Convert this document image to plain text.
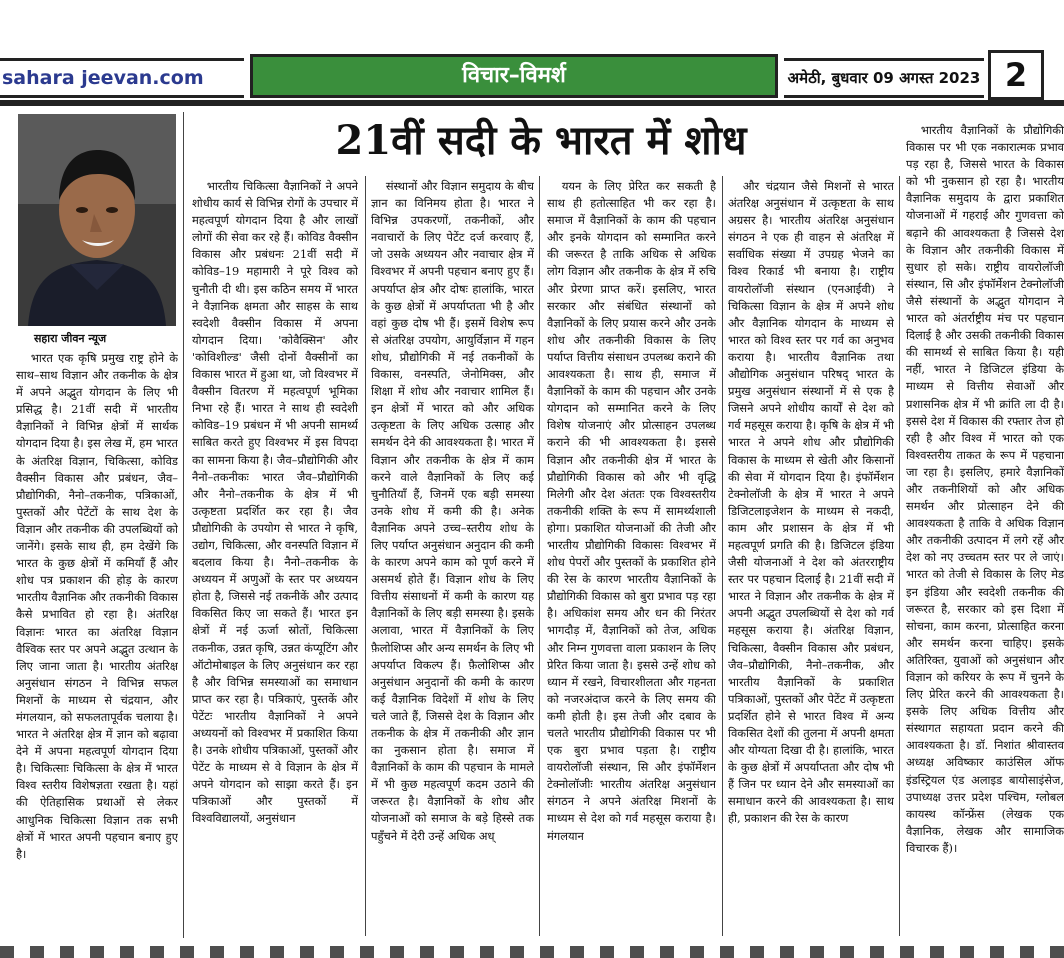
sahara jeevan.com	विचार–विमर्श	अमेठी, बुधवार 09 अगस्त 2023 2
सहारा जीवन न्यूज
21वीं सदी के भारत में शोध

भारत एक कृषि प्रमुख राष्ट्र होने के साथ–साथ विज्ञान और तकनीक के क्षेत्र में अपने अद्भुत योगदान के लिए भी प्रसिद्ध है। 21वीं सदी में भारतीय वैज्ञानिकों ने विभिन्न क्षेत्रों में सार्थक योगदान दिया है। इस लेख में, हम भारत के अंतरिक्ष विज्ञान, चिकित्सा, कोविड वैक्सीन विकास और प्रबंधन, जैव–प्रौद्योगिकी, नैनो–तकनीक, पत्रिकाओं, पुस्तकों और पेटेंटों के साथ देश के विज्ञान और तकनीक की उपलब्धियों को जानेंगे। इसके साथ ही, हम देखेंगे कि भारत के कुछ क्षेत्रों में कमियाँ हैं और शोध पत्र प्रकाशन की होड़ के कारण भारतीय वैज्ञानिक और तकनीकी विकास कैसे प्रभावित हो रहा है। अंतरिक्ष विज्ञानः भारत का अंतरिक्ष विज्ञान वैश्विक स्तर पर अपने अद्भुत उत्थान के लिए जाना जाता है। भारतीय अंतरिक्ष अनुसंधान संगठन ने विभिन्न सफल मिशनों के माध्यम से चंद्रयान, और मंगलयान, को सफलतापूर्वक चलाया है। भारत ने अंतरिक्ष क्षेत्र में ज्ञान को बढ़ावा देने में अपना महत्वपूर्ण योगदान दिया है। चिकित्साः चिकित्सा के क्षेत्र में भारत विश्व स्तरीय विशेषज्ञता रखता है। यहां की ऐतिहासिक प्रथाओं से लेकर आधुनिक चिकित्सा विज्ञान तक सभी क्षेत्रों में भारत अपनी पहचान बनाए हुए है।

भारतीय चिकित्सा वैज्ञानिकों ने अपने शोधीय कार्य से विभिन्न रोगों के उपचार में महत्वपूर्ण योगदान दिया है और लाखों लोगों की सेवा कर रहे हैं। कोविड वैक्सीन विकास और प्रबंधनः 21वीं सदी में कोविड–19 महामारी ने पूरे विश्व को चुनौती दी थी। इस कठिन समय में भारत ने वैज्ञानिक क्षमता और साहस के साथ स्वदेशी वैक्सीन विकास में अपना योगदान दिया। 'कोवैक्सिन' और 'कोविशील्ड' जैसी दोनों वैक्सीनों का विकास भारत में हुआ था, जो विश्वभर में वैक्सीन वितरण में महत्वपूर्ण भूमिका निभा रहे हैं। भारत ने साथ ही स्वदेशी कोविड–19 प्रबंधन में भी अपनी सामर्थ्य साबित करते हुए विश्वभर में इस विपदा का सामना किया है। जैव–प्रौद्योगिकी और नैनो–तकनीकः भारत जैव–प्रौद्योगिकी और नैनो–तकनीक के क्षेत्र में भी उत्कृष्टता प्रदर्शित कर रहा है। जैव प्रौद्योगिकी के उपयोग से भारत ने कृषि, उद्योग, चिकित्सा, और वनस्पति विज्ञान में बदलाव किया है। नैनो–तकनीक के अध्ययन में अणुओं के स्तर पर अध्ययन होता है, जिससे नई तकनीकें और उत्पाद विकसित किए जा सकते हैं। भारत इन क्षेत्रों में नई ऊर्जा स्रोतों, चिकित्सा तकनीक, उन्नत कृषि, उन्नत कंप्यूटिंग और ऑटोमोबाइल के लिए अनुसंधान कर रहा है और विभिन्न समस्याओं का समाधान प्राप्त कर रहा है। पत्रिकाएं, पुस्तकें और पेटेंटः भारतीय वैज्ञानिकों ने अपने अध्ययनों को विश्वभर में प्रकाशित किया है। उनके शोधीय पत्रिकाओं, पुस्तकों और पेटेंट के माध्यम से वे विज्ञान के क्षेत्र में अपने योगदान को साझा करते हैं। इन पत्रिकाओं और पुस्तकों में विश्वविद्यालयों, अनुसंधान

संस्थानों और विज्ञान समुदाय के बीच ज्ञान का विनिमय होता है। भारत ने विभिन्न उपकरणों, तकनीकों, और नवाचारों के लिए पेटेंट दर्ज करवाए हैं, जो उसके अध्ययन और नवाचार क्षेत्र में विश्वभर में अपनी पहचान बनाए हुए हैं। अपर्याप्त क्षेत्र और दोषः हालांकि, भारत के कुछ क्षेत्रों में अपर्याप्तता भी है और वहां कुछ दोष भी हैं। इसमें विशेष रूप से अंतरिक्ष उपयोग, आयुर्विज्ञान में गहन शोध, प्रौद्योगिकी में नई तकनीकों के विकास, वनस्पति, जेनोमिक्स, और शिक्षा में शोध और नवाचार शामिल हैं। इन क्षेत्रों में भारत को और अधिक उत्कृष्टता के लिए अधिक उत्साह और समर्थन देने की आवश्यकता है। भारत में विज्ञान और तकनीक के क्षेत्र में काम करने वाले वैज्ञानिकों के लिए कई चुनौतियाँ हैं, जिनमें एक बड़ी समस्या उनके शोध में कमी की है। अनेक वैज्ञानिक अपने उच्च–स्तरीय शोध के लिए पर्याप्त अनुसंधान अनुदान की कमी के कारण अपने काम को पूर्ण करने में असमर्थ होते हैं। विज्ञान शोध के लिए वित्तीय संसाधनों में कमी के कारण यह वैज्ञानिकों के लिए बड़ी समस्या है। इसके अलावा, भारत में वैज्ञानिकों के लिए फ़ैलोशिप्स और अन्य समर्थन के लिए भी अपर्याप्त विकल्प हैं। फ़ैलोशिप्स और अनुसंधान अनुदानों की कमी के कारण कई वैज्ञानिक विदेशों में शोध के लिए चले जाते हैं, जिससे देश के विज्ञान और तकनीक के क्षेत्र में तकनीकी और ज्ञान का नुकसान होता है। समाज में वैज्ञानिकों के काम की पहचान के मामले में भी कुछ महत्वपूर्ण कदम उठाने की जरूरत है। वैज्ञानिकों के शोध और योजनाओं को समाज के बड़े हिस्से तक पहुँचने में देरी उन्हें अधिक अध्

ययन के लिए प्रेरित कर सकती है साथ ही हतोत्साहित भी कर रहा है। समाज में वैज्ञानिकों के काम की पहचान और इनके योगदान को सम्मानित करने की जरूरत है ताकि अधिक से अधिक लोग विज्ञान और तकनीक के क्षेत्र में रुचि और प्रेरणा प्राप्त करें। इसलिए, भारत सरकार और संबंधित संस्थानों को वैज्ञानिकों के लिए प्रयास करने और उनके शोध और तकनीकी विकास के लिए पर्याप्त वित्तीय संसाधन उपलब्ध कराने की आवश्यकता है। साथ ही, समाज में वैज्ञानिकों के काम की पहचान और उनके योगदान को सम्मानित करने के लिए विशेष योजनाएं और प्रोत्साहन उपलब्ध कराने की भी आवश्यकता है। इससे विज्ञान और तकनीकी क्षेत्र में भारत के प्रौद्योगिकी विकास को और भी वृद्धि मिलेगी और देश अंततः एक विश्वस्तरीय तकनीकी शक्ति के रूप में सामर्थ्यशाली होगा। प्रकाशित योजनाओं की तेजी और भारतीय प्रौद्योगिकी विकासः विश्वभर में शोध पेपरों और पुस्तकों के प्रकाशित होने की रेस के कारण भारतीय वैज्ञानिकों के प्रौद्योगिकी विकास को बुरा प्रभाव पड़ रहा है। अधिकांश समय और धन की निरंतर भागदौड़ में, वैज्ञानिकों को तेज, अधिक और निम्न गुणवत्ता वाला प्रकाशन के लिए प्रेरित किया जाता है। इससे उन्हें शोध को ध्यान में रखने, विचारशीलता और गहनता को नजरअंदाज करने के लिए समय की कमी होती है। इस तेजी और दबाव के चलते भारतीय प्रौद्योगिकी विकास पर भी एक बुरा प्रभाव पड़ता है। राष्ट्रीय वायरोलॉजी संस्थान, सि और इंफॉर्मेशन टेक्नोलॉजीः भारतीय अंतरिक्ष अनुसंधान संगठन ने अपने अंतरिक्ष मिशनों के माध्यम से देश को गर्व महसूस कराया है। मंगलयान

और चंद्रयान जैसे मिशनों से भारत अंतरिक्ष अनुसंधान में उत्कृष्टता के साथ अग्रसर है। भारतीय अंतरिक्ष अनुसंधान संगठन ने एक ही वाहन से अंतरिक्ष में सर्वाधिक संख्या में उपग्रह भेजने का विश्व रिकार्ड भी बनाया है। राष्ट्रीय वायरोलॉजी संस्थान (एनआईवी) ने चिकित्सा विज्ञान के क्षेत्र में अपने शोध और वैज्ञानिक योगदान के माध्यम से भारत को विश्व स्तर पर गर्व का अनुभव कराया है। भारतीय वैज्ञानिक तथा औद्योगिक अनुसंधान परिषद् भारत के प्रमुख अनुसंधान संस्थानों में से एक है जिसने अपने शोधीय कार्यों से देश को गर्व महसूस कराया है। कृषि के क्षेत्र में भी भारत ने अपने शोध और प्रौद्योगिकी विकास के माध्यम से खेती और किसानों की सेवा में योगदान दिया है। इंफॉर्मेशन टेक्नोलॉजी के क्षेत्र में भारत ने अपने डिजिटलाइजेशन के माध्यम से नकदी, काम और प्रशासन के क्षेत्र में भी महत्वपूर्ण प्रगति की है। डिजिटल इंडिया जैसी योजनाओं ने देश को अंतरराष्ट्रीय स्तर पर पहचान दिलाई है। 21वीं सदी में भारत ने विज्ञान और तकनीक के क्षेत्र में अपनी अद्भुत उपलब्धियों से देश को गर्व महसूस कराया है। अंतरिक्ष विज्ञान, चिकित्सा, वैक्सीन विकास और प्रबंधन, जैव–प्रौद्योगिकी, नैनो–तकनीक, और भारतीय वैज्ञानिकों के प्रकाशित पत्रिकाओं, पुस्तकों और पेटेंट में उत्कृष्टता प्रदर्शित होने से भारत विश्व में अन्य विकसित देशों की तुलना में अपनी क्षमता और योग्यता दिखा दी है। हालांकि, भारत के कुछ क्षेत्रों में अपर्याप्तता और दोष भी हैं जिन पर ध्यान देने और समस्याओं का समाधान करने की आवश्यकता है। साथ ही, प्रकाशन की रेस के कारण

भारतीय वैज्ञानिकों के प्रौद्योगिकी विकास पर भी एक नकारात्मक प्रभाव पड़ रहा है, जिससे भारत के विकास को भी नुकसान हो रहा है। भारतीय वैज्ञानिक समुदाय के द्वारा प्रकाशित योजनाओं में गहराई और गुणवत्ता को बढ़ाने की आवश्यकता है जिससे देश के विज्ञान और तकनीकी विकास में सुधार हो सके। राष्ट्रीय वायरोलॉजी संस्थान, सि और इंफॉर्मेशन टेक्नोलॉजी जैसे संस्थानों के अद्भुत योगदान ने भारत को अंतर्राष्ट्रीय मंच पर पहचान दिलाई है और उसकी तकनीकी विकास की सामर्थ्य से साबित किया है। यही नहीं, भारत ने डिजिटल इंडिया के माध्यम से वित्तीय सेवाओं और प्रशासनिक क्षेत्र में भी क्रांति ला दी है। इससे देश में विकास की रफ्तार तेज हो रही है और विश्व में भारत को एक विश्वस्तरीय ताकत के रूप में पहचाना जा रहा है। इसलिए, हमारे वैज्ञानिकों और तकनीशियों को और अधिक समर्थन और प्रोत्साहन देने की आवश्यकता है ताकि वे अधिक विज्ञान और तकनीकी उत्पादन में लगे रहें और देश को नए उच्चतम स्तर पर ले जाएं। भारत को तेजी से विकास के लिए मेड इन इंडिया और स्वदेशी तकनीक की जरूरत है, सरकार को इस दिशा में सोचना, काम करना, प्रोत्साहित करना और समर्थन करना चाहिए। इसके अतिरिक्त, युवाओं को अनुसंधान और विज्ञान को करियर के रूप में चुनने के लिए प्रेरित करने की आवश्यकता है। इसके लिए अधिक वित्तीय और संस्थागत सहायता प्रदान करने की आवश्यकता है। डॉ. निशांत श्रीवास्तव अध्यक्ष अविष्कार काउंसिल ऑफ इंडस्ट्रियल एंड अलाइड बायोसाइंसेज, उपाध्यक्ष उत्तर प्रदेश पश्चिम, ग्लोबल कायस्थ कॉन्फ्रेंस (लेखक एक वैज्ञानिक, लेखक और सामाजिक विचारक हैं)।
